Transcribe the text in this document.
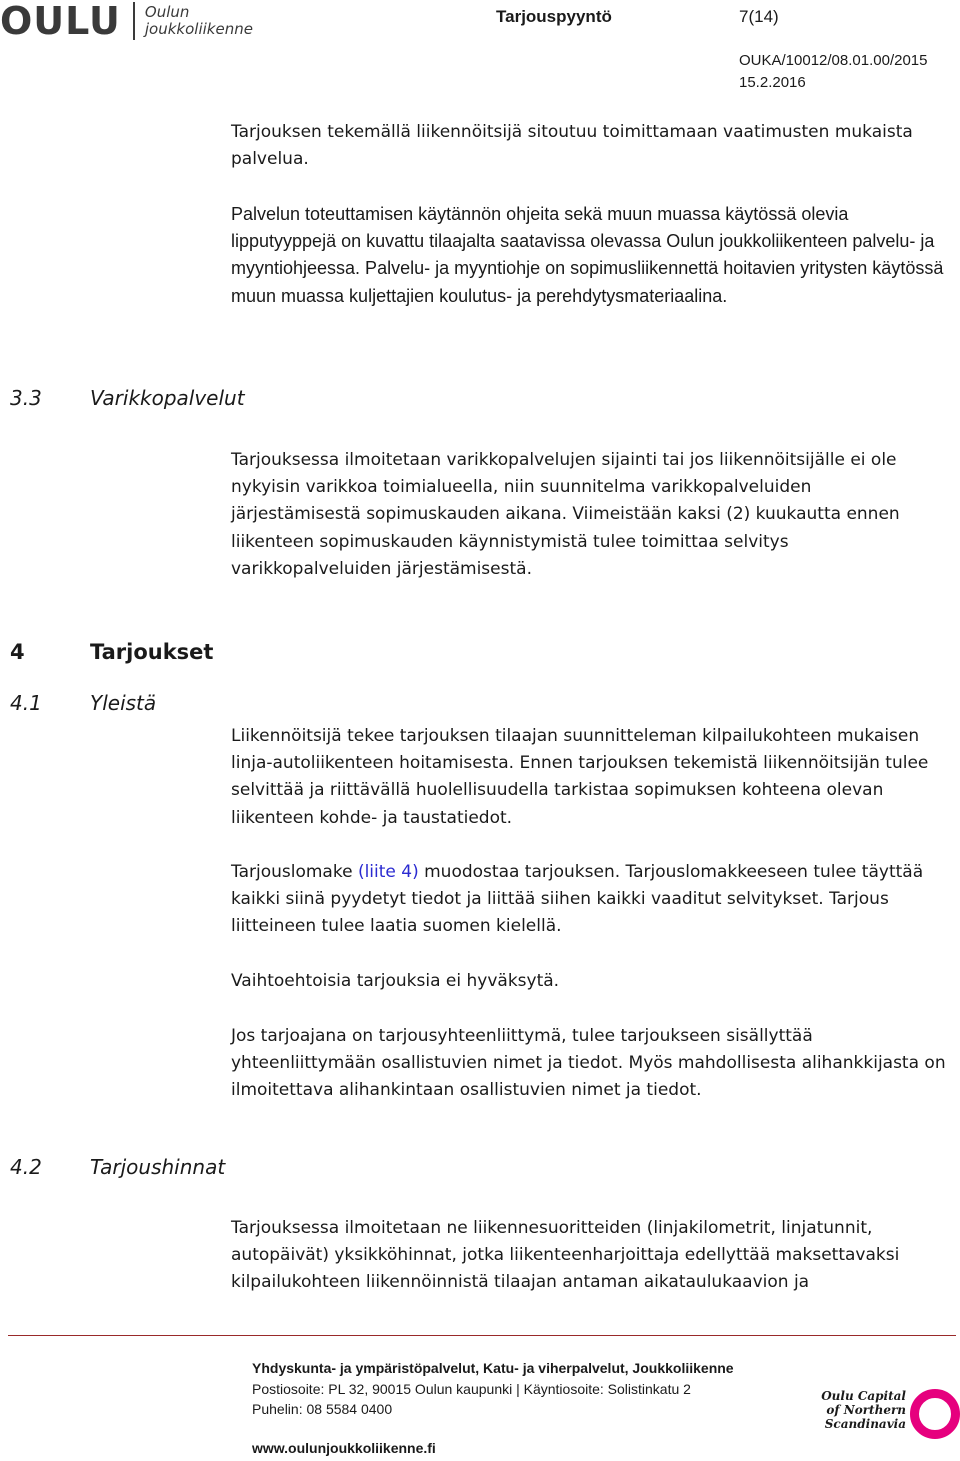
OULU Oulun
joukkoliikenne
Tarjouspyyntö	7(14)
OUKA/10012/08.01.00/2015
15.2.2016

Tarjouksen tekemällä liikennöitsijä sitoutuu toimittamaan vaatimusten mukaista palvelua.

Palvelun toteuttamisen käytännön ohjeita sekä muun muassa käytössä olevia lipputyyppejä on kuvattu tilaajalta saatavissa olevassa Oulun joukkoliikenteen palvelu- ja myyntiohjeessa. Palvelu- ja myyntiohje on sopimusliikennettä hoitavien yritysten käytössä muun muassa kuljettajien koulutus- ja perehdytysmateriaalina.

3.3 Varikkopalvelut

Tarjouksessa ilmoitetaan varikkopalvelujen sijainti tai jos liikennöitsijälle ei ole nykyisin varikkoa toimialueella, niin suunnitelma varikkopalveluiden järjestämisestä sopimuskauden aikana. Viimeistään kaksi (2) kuukautta ennen liikenteen sopimuskauden käynnistymistä tulee toimittaa selvitys varikkopalveluiden järjestämisestä.

4	Tarjoukset
4.1 Yleistä

Liikennöitsijä tekee tarjouksen tilaajan suunnitteleman kilpailukohteen mukaisen linja-autoliikenteen hoitamisesta. Ennen tarjouksen tekemistä liikennöitsijän tulee selvittää ja riittävällä huolellisuudella tarkistaa sopimuksen kohteena olevan liikenteen kohde- ja taustatiedot.

Tarjouslomake (liite 4) muodostaa tarjouksen. Tarjouslomakkeeseen tulee täyttää kaikki siinä pyydetyt tiedot ja liittää siihen kaikki vaaditut selvitykset. Tarjous liitteineen tulee laatia suomen kielellä.

Vaihtoehtoisia tarjouksia ei hyväksytä.

Jos tarjoajana on tarjousyhteenliittymä, tulee tarjoukseen sisällyttää yhteenliittymään osallistuvien nimet ja tiedot. Myös mahdollisesta alihankkijasta on ilmoitettava alihankintaan osallistuvien nimet ja tiedot.

4.2 Tarjoushinnat

Tarjouksessa ilmoitetaan ne liikennesuoritteiden (linjakilometrit, linjatunnit, autopäivät) yksikköhinnat, jotka liikenteenharjoittaja edellyttää maksettavaksi kilpailukohteen liikennöinnistä tilaajan antaman aikataulukaavion ja

Yhdyskunta- ja ympäristöpalvelut, Katu- ja viherpalvelut, Joukkoliikenne
Postiosoite: PL 32, 90015 Oulun kaupunki | Käyntiosoite: Solistinkatu 2
Puhelin: 08 5584 0400
www.oulunjoukkoliikenne.fi
Oulu Capital
of Northern
Scandinavia
